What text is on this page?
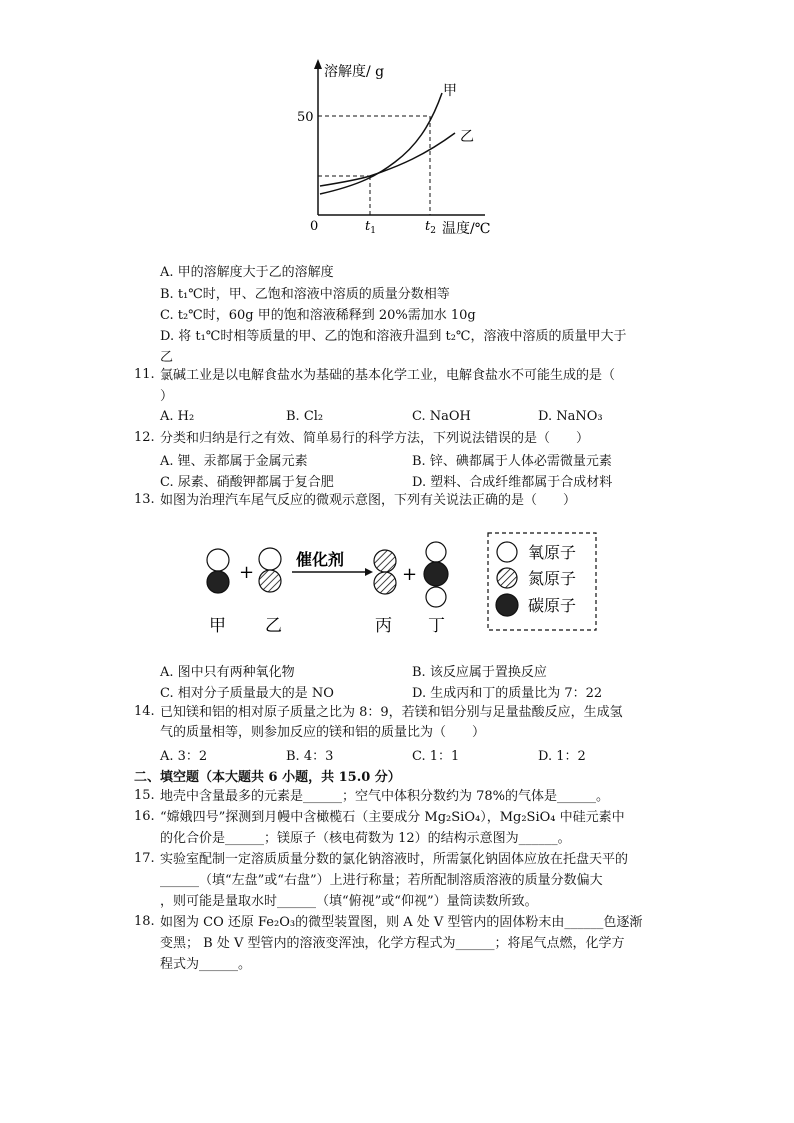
溶解度/ g
50
0	$t_1$	$t_2$ 温度/℃
甲
乙
A. 甲的溶解度大于乙的溶解度
B. t₁℃时，甲、乙饱和溶液中溶质的质量分数相等
C. t₂℃时，60g 甲的饱和溶液稀释到 20%需加水 10g
D. 将 t₁℃时相等质量的甲、乙的饱和溶液升温到 t₂℃，溶液中溶质的质量甲大于
乙
11. 氯碱工业是以电解食盐水为基础的基本化学工业，电解食盐水不可能生成的是（
）
A. H₂	B. Cl₂	C. NaOH	D. NaNO₃
12. 分类和归纳是行之有效、简单易行的科学方法，下列说法错误的是（　　）
A. 锂、汞都属于金属元素	B. 锌、碘都属于人体必需微量元素
C. 尿素、硝酸钾都属于复合肥	D. 塑料、合成纤维都属于合成材料
13. 如图为治理汽车尾气反应的微观示意图，下列有关说法正确的是（　　）
+
催化剂
+
甲 乙	丙 丁
氧原子
氮原子
碳原子
A. 图中只有两种氧化物	B. 该反应属于置换反应
C. 相对分子质量最大的是 NO	D. 生成丙和丁的质量比为 7：22
14. 已知镁和铝的相对原子质量之比为 8：9，若镁和铝分别与足量盐酸反应，生成氢
气的质量相等，则参加反应的镁和铝的质量比为（　　）
A. 3：2	B. 4：3	C. 1：1	D. 1：2
二、填空题（本大题共 6 小题，共 15.0 分）
15. 地壳中含量最多的元素是______；空气中体积分数约为 78%的气体是______。
16. “嫦娥四号”探测到月幔中含橄榄石（主要成分 Mg₂SiO₄），Mg₂SiO₄ 中硅元素中
的化合价是______；镁原子（核电荷数为 12）的结构示意图为______。
17. 实验室配制一定溶质质量分数的氯化钠溶液时，所需氯化钠固体应放在托盘天平的
______（填“左盘”或“右盘”）上进行称量；若所配制溶质溶液的质量分数偏大
，则可能是量取水时______（填“俯视”或“仰视”）量筒读数所致。
18. 如图为 CO 还原 Fe₂O₃的微型装置图，则 A 处 V 型管内的固体粉末由______色逐渐
变黑； B 处 V 型管内的溶液变浑浊，化学方程式为______；将尾气点燃，化学方
程式为______。
